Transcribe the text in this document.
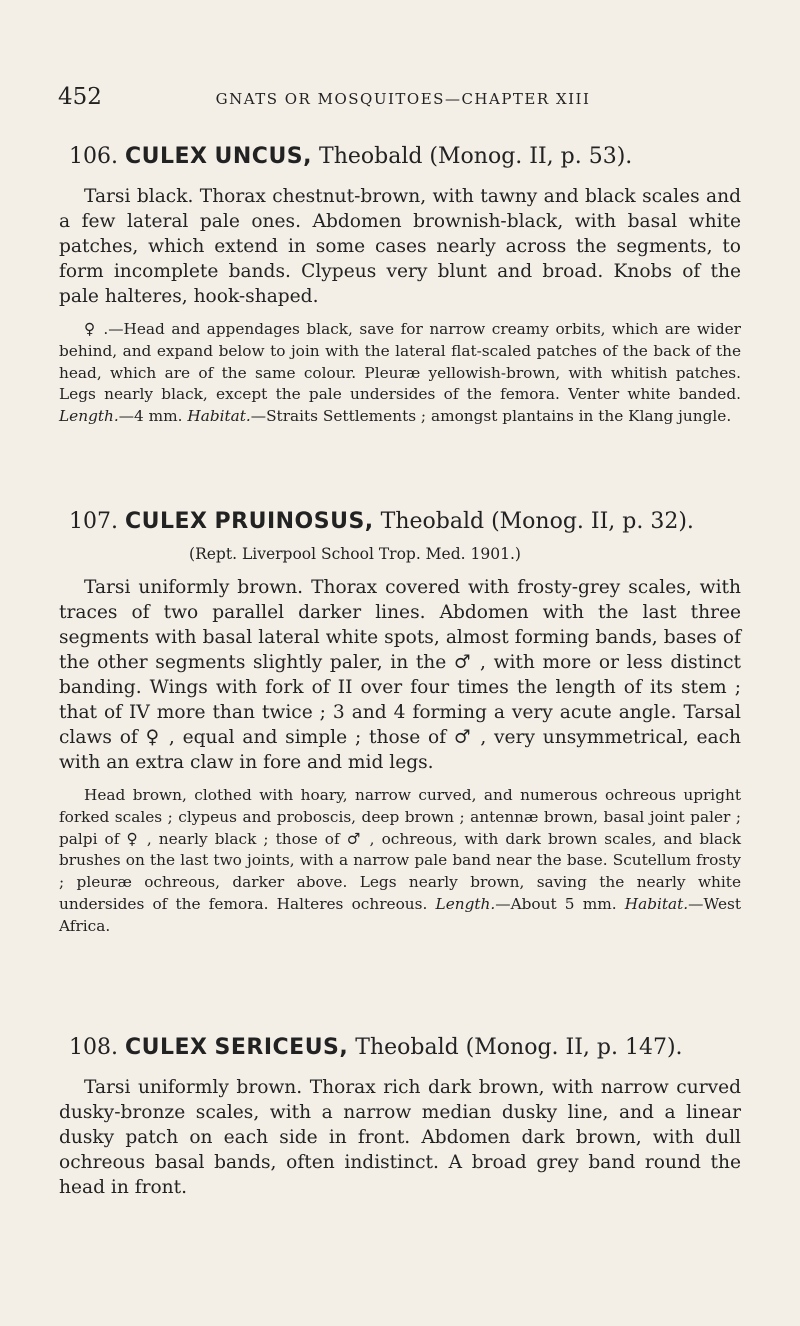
452	GNATS OR MOSQUITOES—CHAPTER XIII
106. CULEX UNCUS, Theobald (Monog. II, p. 53).

Tarsi black. Thorax chestnut-brown, with tawny and black scales and a few lateral pale ones. Abdomen brownish-black, with basal white patches, which extend in some cases nearly across the segments, to form incomplete bands. Clypeus very blunt and broad. Knobs of the pale halteres, hook-shaped.

♀ .—Head and appendages black, save for narrow creamy orbits, which are wider behind, and expand below to join with the lateral flat-scaled patches of the back of the head, which are of the same colour. Pleuræ yellowish-brown, with whitish patches. Legs nearly black, except the pale undersides of the femora. Venter white banded. Length.—4 mm. Habitat.—Straits Settlements ; amongst plantains in the Klang jungle.

107. CULEX PRUINOSUS, Theobald (Monog. II, p. 32).
(Rept. Liverpool School Trop. Med. 1901.)

Tarsi uniformly brown. Thorax covered with frosty-grey scales, with traces of two parallel darker lines. Abdomen with the last three segments with basal lateral white spots, almost forming bands, bases of the other segments slightly paler, in the ♂ , with more or less distinct banding. Wings with fork of II over four times the length of its stem ; that of IV more than twice ; 3 and 4 forming a very acute angle. Tarsal claws of ♀ , equal and simple ; those of ♂ , very unsymmetrical, each with an extra claw in fore and mid legs.

Head brown, clothed with hoary, narrow curved, and numerous ochreous upright forked scales ; clypeus and proboscis, deep brown ; antennæ brown, basal joint paler ; palpi of ♀ , nearly black ; those of ♂ , ochreous, with dark brown scales, and black brushes on the last two joints, with a narrow pale band near the base. Scutellum frosty ; pleuræ ochreous, darker above. Legs nearly brown, saving the nearly white undersides of the femora. Halteres ochreous. Length.—About 5 mm. Habitat.—West Africa.

108. CULEX SERICEUS, Theobald (Monog. II, p. 147).

Tarsi uniformly brown. Thorax rich dark brown, with narrow curved dusky-bronze scales, with a narrow median dusky line, and a linear dusky patch on each side in front. Abdomen dark brown, with dull ochreous basal bands, often indistinct. A broad grey band round the head in front.
